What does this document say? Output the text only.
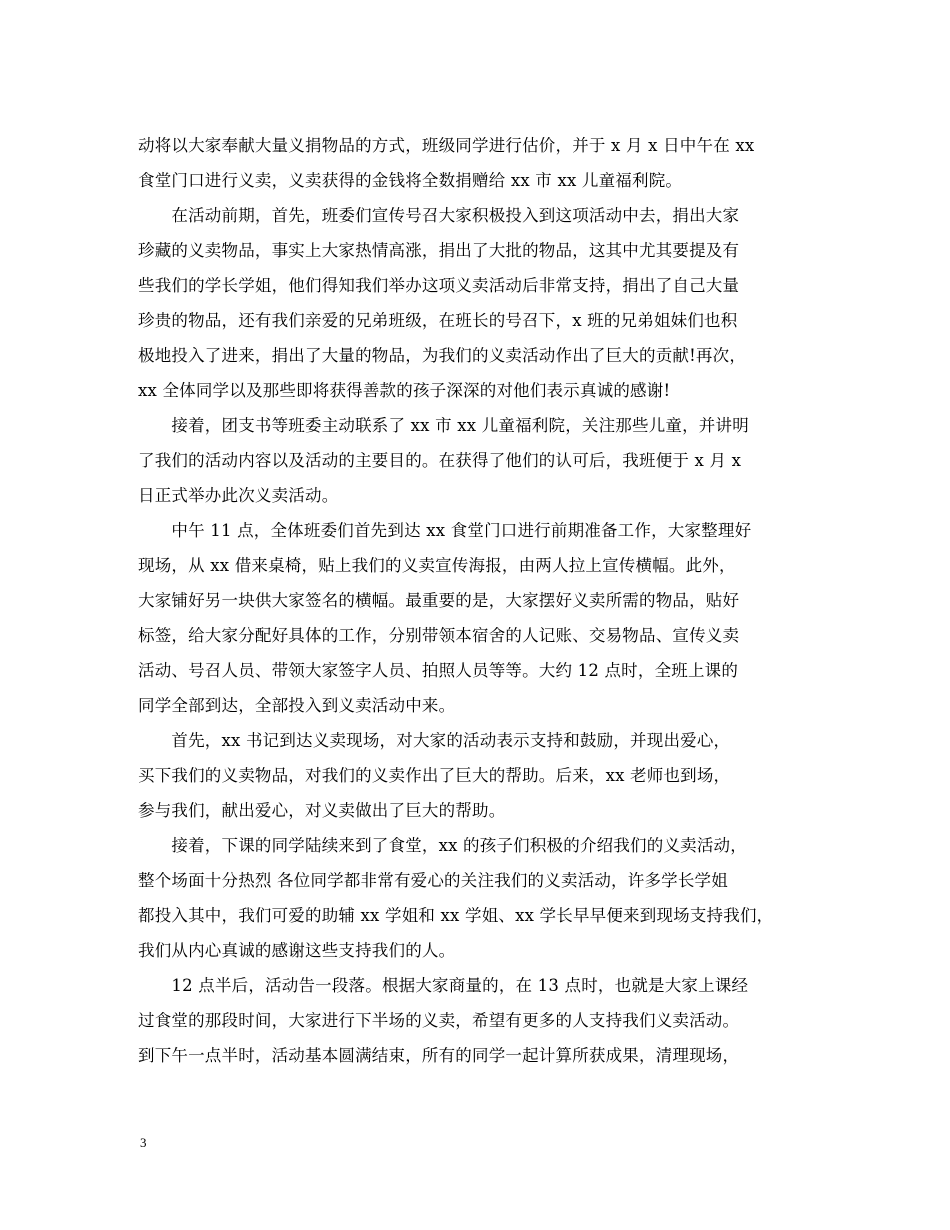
动将以大家奉献大量义捐物品的方式，班级同学进行估价，并于 x 月 x 日中午在 xx
食堂门口进行义卖，义卖获得的金钱将全数捐赠给 xx 市 xx 儿童福利院。
　　在活动前期，首先，班委们宣传号召大家积极投入到这项活动中去，捐出大家
珍藏的义卖物品，事实上大家热情高涨，捐出了大批的物品，这其中尤其要提及有
些我们的学长学姐，他们得知我们举办这项义卖活动后非常支持，捐出了自己大量
珍贵的物品，还有我们亲爱的兄弟班级，在班长的号召下，x 班的兄弟姐妹们也积
极地投入了进来，捐出了大量的物品，为我们的义卖活动作出了巨大的贡献!再次，
xx 全体同学以及那些即将获得善款的孩子深深的对他们表示真诚的感谢!
　　接着，团支书等班委主动联系了 xx 市 xx 儿童福利院，关注那些儿童，并讲明
了我们的活动内容以及活动的主要目的。在获得了他们的认可后，我班便于 x 月 x
日正式举办此次义卖活动。
　　中午 11 点，全体班委们首先到达 xx 食堂门口进行前期准备工作，大家整理好
现场，从 xx 借来桌椅，贴上我们的义卖宣传海报，由两人拉上宣传横幅。此外，
大家铺好另一块供大家签名的横幅。最重要的是，大家摆好义卖所需的物品，贴好
标签，给大家分配好具体的工作，分别带领本宿舍的人记账、交易物品、宣传义卖
活动、号召人员、带领大家签字人员、拍照人员等等。大约 12 点时，全班上课的
同学全部到达，全部投入到义卖活动中来。
　　首先，xx 书记到达义卖现场，对大家的活动表示支持和鼓励，并现出爱心，
买下我们的义卖物品，对我们的义卖作出了巨大的帮助。后来，xx 老师也到场，
参与我们，献出爱心，对义卖做出了巨大的帮助。
　　接着，下课的同学陆续来到了食堂，xx 的孩子们积极的介绍我们的义卖活动，
整个场面十分热烈 各位同学都非常有爱心的关注我们的义卖活动，许多学长学姐
都投入其中，我们可爱的助辅 xx 学姐和 xx 学姐、xx 学长早早便来到现场支持我们，
我们从内心真诚的感谢这些支持我们的人。
　　12 点半后，活动告一段落。根据大家商量的，在 13 点时，也就是大家上课经
过食堂的那段时间，大家进行下半场的义卖，希望有更多的人支持我们义卖活动。
到下午一点半时，活动基本圆满结束，所有的同学一起计算所获成果，清理现场，
3
